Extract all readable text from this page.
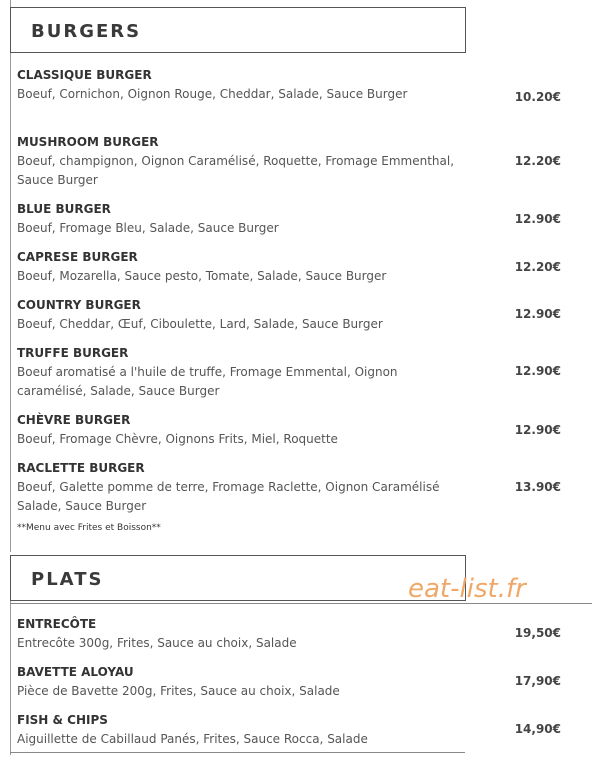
BURGERS
CLASSIQUE BURGER
Boeuf, Cornichon, Oignon Rouge, Cheddar, Salade, Sauce Burger	10.20€
MUSHROOM BURGER
Boeuf, champignon, Oignon Caramélisé, Roquette, Fromage Emmenthal, Sauce Burger
12.20€
BLUE BURGER
Boeuf, Fromage Bleu, Salade, Sauce Burger
12.90€
CAPRESE BURGER
Boeuf, Mozarella, Sauce pesto, Tomate, Salade, Sauce Burger
12.20€
COUNTRY BURGER
Boeuf, Cheddar, Œuf, Ciboulette, Lard, Salade, Sauce Burger
12.90€
TRUFFE BURGER
Boeuf aromatisé a l'huile de truffe, Fromage Emmental, Oignon caramélisé, Salade, Sauce Burger
12.90€
CHÈVRE BURGER
Boeuf, Fromage Chèvre, Oignons Frits, Miel, Roquette
12.90€
RACLETTE BURGER
Boeuf, Galette pomme de terre, Fromage Raclette, Oignon Caramélisé Salade, Sauce Burger
13.90€
**Menu avec Frites et Boisson**
PLATS	eat-list.fr
ENTRECÔTE
Entrecôte 300g, Frites, Sauce au choix, Salade
19,50€
BAVETTE ALOYAU
Pièce de Bavette 200g, Frites, Sauce au choix, Salade
17,90€
FISH & CHIPS
Aiguillette de Cabillaud Panés, Frites, Sauce Rocca, Salade
14,90€
